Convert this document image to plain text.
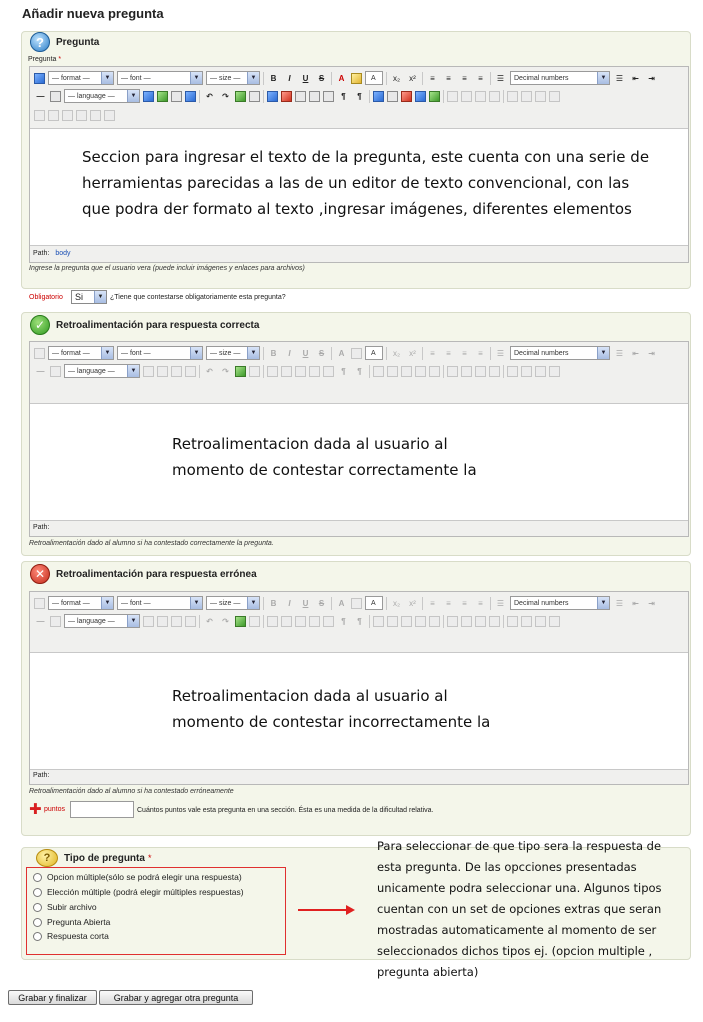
Añadir nueva pregunta
?	Pregunta
Pregunta *
— format —	▼	— font —	▼	— size —	▼	B	I	U	S	A	A	x₂	x²	≡	≡	≡	≡	☰	Decimal numbers	▼	☰	⇤	⇥
—	— language —	▼	↶	↷	¶	¶
Seccion para ingresar el texto de la pregunta, este cuenta con una serie de
herramientas parecidas a las de un editor de texto convencional, con las
que podra der formato al texto ,ingresar imágenes, diferentes elementos
Path: body
Ingrese la pregunta que el usuario vera (puede incluir imágenes y enlaces para archivos)
Obligatorio Si	▼ ¿Tiene que contestarse obligatoriamente esta pregunta?
✓	Retroalimentación para respuesta correcta
— format —	▼	— font —	▼	— size —	▼	B	I	U	S	A	A	x₂	x²	≡	≡	≡	≡	☰	Decimal numbers	▼	☰	⇤	⇥
—	— language —	▼	↶	↷	¶	¶
Retroalimentacion dada al usuario al
momento de contestar correctamente la
Path:
Retroalimentación dado al alumno si ha contestado correctamente la pregunta.
✕	Retroalimentación para respuesta errónea
— format —	▼	— font —	▼	— size —	▼	B	I	U	S	A	A	x₂	x²	≡	≡	≡	≡	☰	Decimal numbers	▼	☰	⇤	⇥
—	— language —	▼	↶	↷	¶	¶
Retroalimentacion dada al usuario al
momento de contestar incorrectamente la
Path:
Retroalimentación dado al alumno si ha contestado erróneamente
✚ puntos	Cuántos puntos vale esta pregunta en una sección. Ésta es una medida de la dificultad relativa.
?	Tipo de pregunta *
Opcion múltiple(sólo se podrá elegir una respuesta)
Elección múltiple (podrá elegir múltiples respuestas)
Subir archivo
Pregunta Abierta
Respuesta corta
Para seleccionar de que tipo sera la respuesta de
esta pregunta. De las opcciones presentadas
unicamente podra seleccionar una. Algunos tipos
cuentan con un set de opciones extras que seran
mostradas automaticamente al momento de ser
seleccionados dichos tipos ej. (opcion multiple ,
pregunta abierta)
Grabar y finalizar	Grabar y agregar otra pregunta
